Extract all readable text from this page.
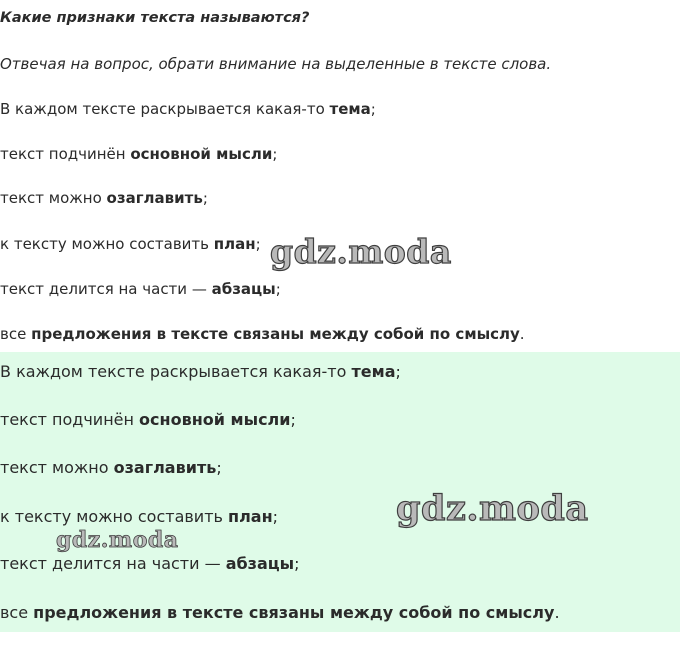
Какие признаки текста называются?
Отвечая на вопрос, обрати внимание на выделенные в тексте слова.
В каждом тексте раскрывается какая-то тема;
текст подчинён основной мысли;
текст можно озаглавить;
к тексту можно составить план;
текст делится на части — абзацы;
все предложения в тексте связаны между собой по смыслу.
В каждом тексте раскрывается какая-то тема;
текст подчинён основной мысли;
текст можно озаглавить;
к тексту можно составить план;
текст делится на части — абзацы;
все предложения в тексте связаны между собой по смыслу.
gdz.moda
gdz.moda
gdz.moda
